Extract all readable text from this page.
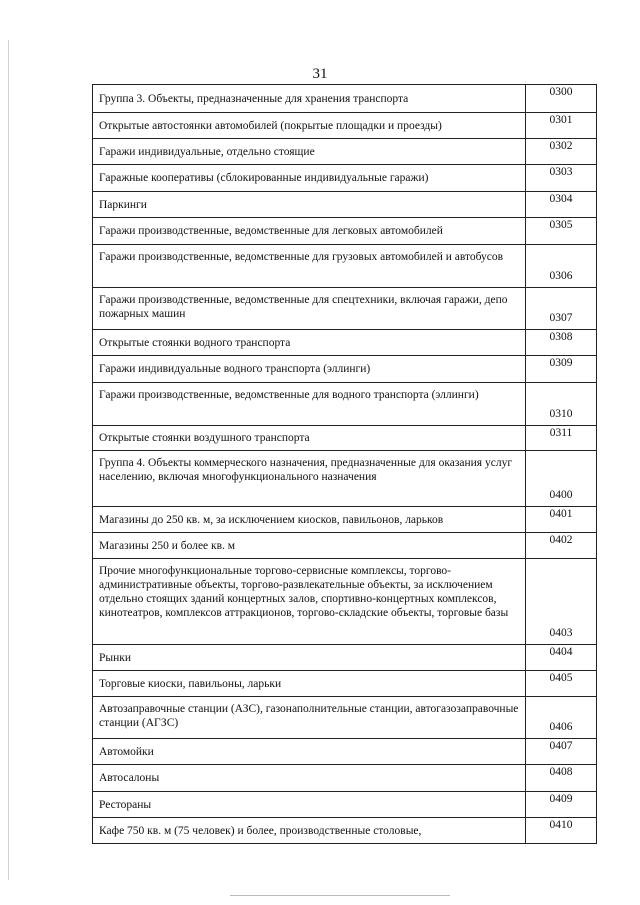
31
Группа 3. Объекты, предназначенные для хранения транспорта	0300
Открытые автостоянки автомобилей (покрытые площадки и проезды)	0301
Гаражи индивидуальные, отдельно стоящие	0302
Гаражные кооперативы (сблокированные индивидуальные гаражи)	0303
Паркинги	0304
Гаражи производственные, ведомственные для легковых автомобилей	0305
Гаражи производственные, ведомственные для грузовых автомобилей и автобусов	0306
Гаражи производственные, ведомственные для спецтехники, включая гаражи, депо пожарных машин	0307
Открытые стоянки водного транспорта	0308
Гаражи индивидуальные водного транспорта (эллинги)	0309
Гаражи производственные, ведомственные для водного транспорта (эллинги)	0310
Открытые стоянки воздушного транспорта	0311
Группа 4. Объекты коммерческого назначения, предназначенные для оказания услуг населению, включая многофункционального назначения	0400
Магазины до 250 кв. м, за исключением киосков, павильонов, ларьков	0401
Магазины 250 и более кв. м	0402
Прочие многофункциональные торгово-сервисные комплексы, торгово-административные объекты, торгово-развлекательные объекты, за исключением отдельно стоящих зданий концертных залов, спортивно-концертных комплексов, кинотеатров, комплексов аттракционов, торгово-складские объекты, торговые базы	0403
Рынки	0404
Торговые киоски, павильоны, ларьки	0405
Автозаправочные станции (АЗС), газонаполнительные станции, автогазозаправочные станции (АГЗС)	0406
Автомойки	0407
Автосалоны	0408
Рестораны	0409
Кафе 750 кв. м (75 человек) и более, производственные столовые,	0410
